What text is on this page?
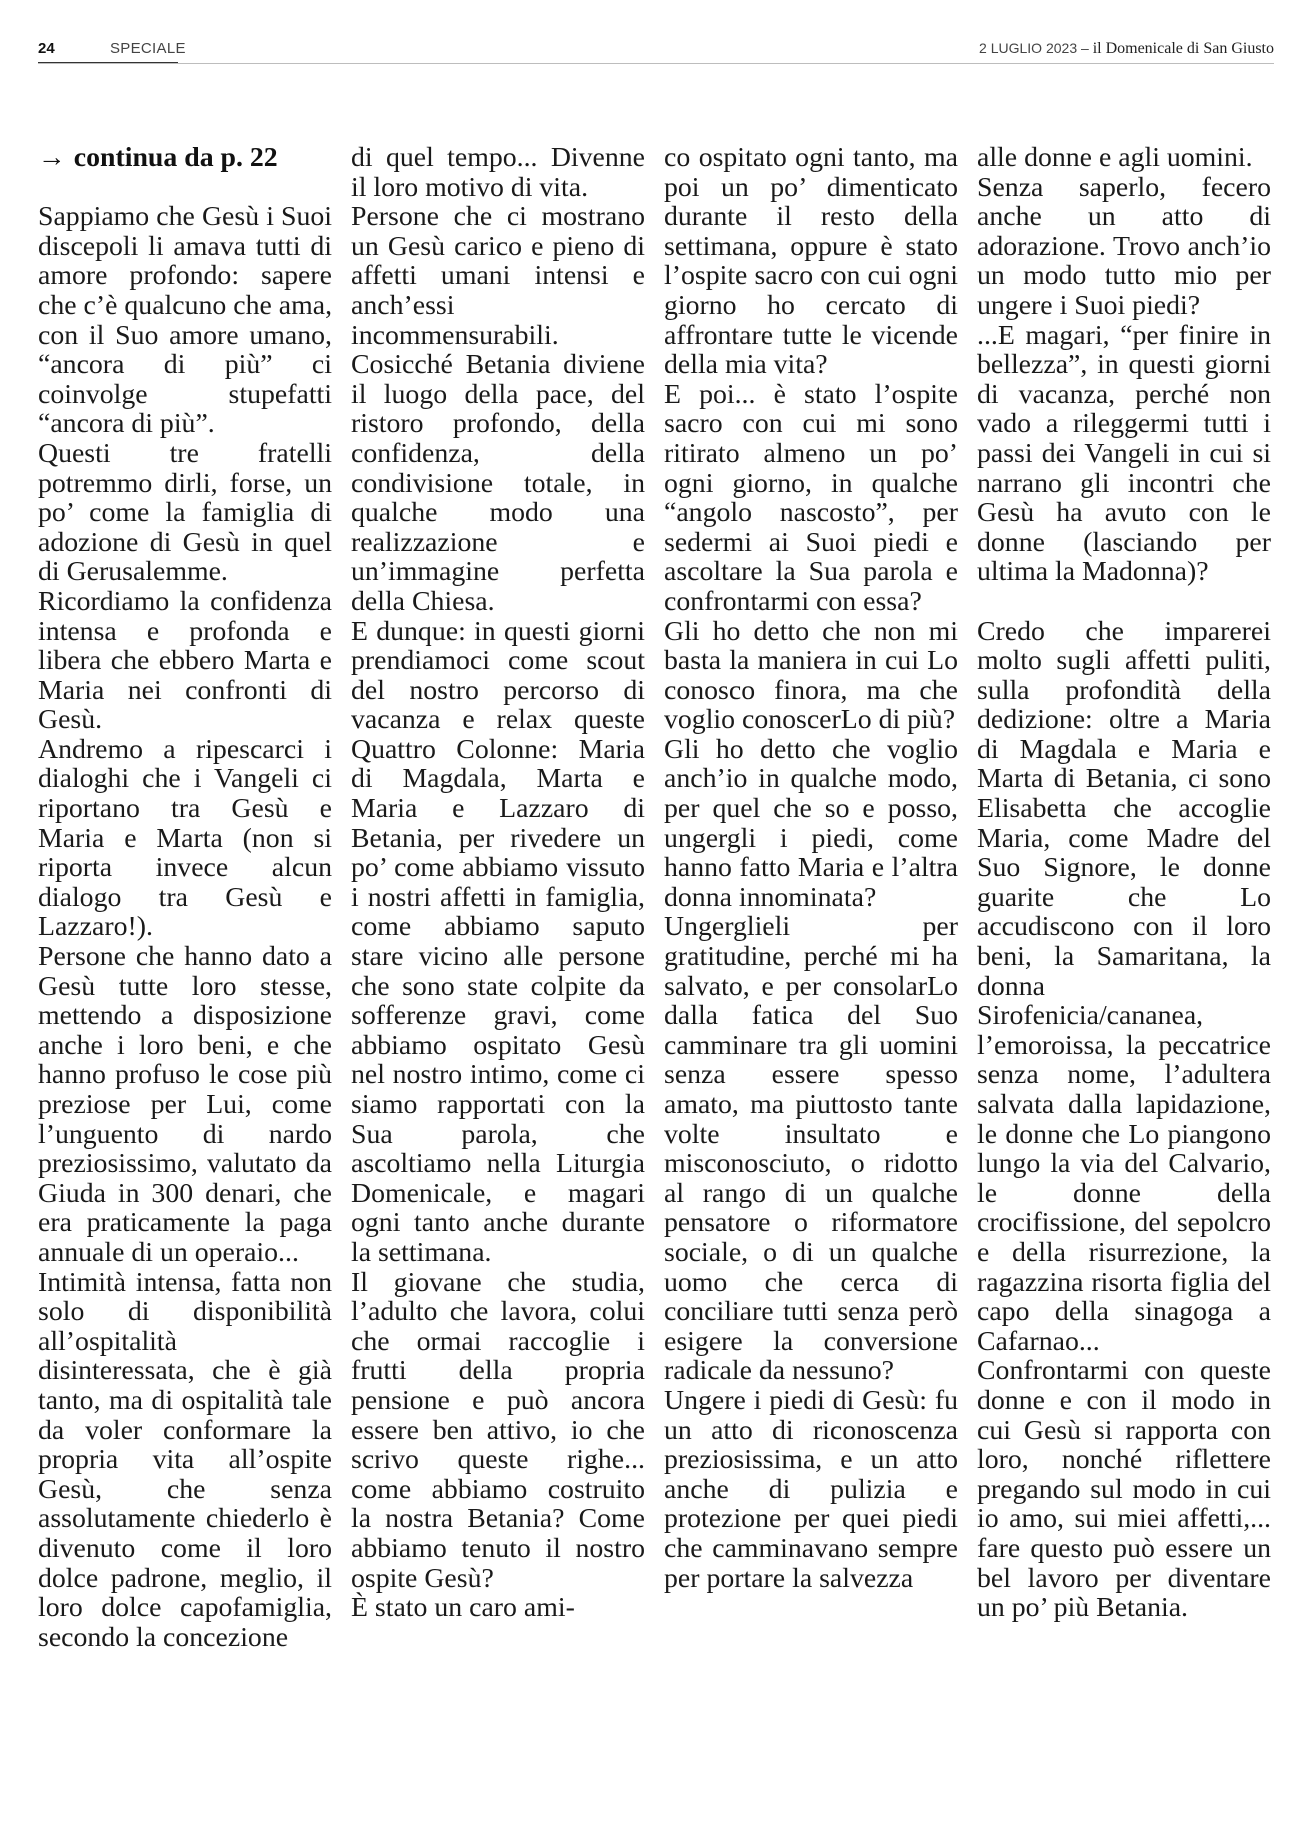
24	SPECIALE	2 LUGLIO 2023 – il Domenicale di San Giusto
→ continua da p. 22

Sappiamo che Gesù i Suoi discepoli li amava tutti di amore profondo: sapere che c’è qualcuno che ama, con il Suo amore umano, “ancora di più” ci coinvolge stupefatti “ancora di più”.

Questi tre fratelli potremmo dirli, forse, un po’ come la famiglia di adozione di Gesù in quel di Gerusalemme.

Ricordiamo la confidenza intensa e profonda e libera che ebbero Marta e Maria nei confronti di Gesù.

Andremo a ripescarci i dialoghi che i Vangeli ci riportano tra Gesù e Maria e Marta (non si riporta invece alcun dialogo tra Gesù e Lazzaro!).

Persone che hanno dato a Gesù tutte loro stesse, mettendo a disposizione anche i loro beni, e che hanno profuso le cose più preziose per Lui, come l’unguento di nardo preziosissimo, valutato da Giuda in 300 denari, che era praticamente la paga annuale di un operaio...

Intimità intensa, fatta non solo di disponibilità all’ospitalità disinteressata, che è già tanto, ma di ospitalità tale da voler conformare la propria vita all’ospite Gesù, che senza assolutamente chiederlo è divenuto come il loro dolce padrone, meglio, il loro dolce capofamiglia, secondo la concezione

di quel tempo... Divenne il loro motivo di vita.

Persone che ci mostrano un Gesù carico e pieno di affetti umani intensi e anch’essi incommensurabili.

Cosicché Betania diviene il luogo della pace, del ristoro profondo, della confidenza, della condivisione totale, in qualche modo una realizzazione e un’immagine perfetta della Chiesa.

E dunque: in questi giorni prendiamoci come scout del nostro percorso di vacanza e relax queste Quattro Colonne: Maria di Magdala, Marta e Maria e Lazzaro di Betania, per rivedere un po’ come abbiamo vissuto i nostri affetti in famiglia, come abbiamo saputo stare vicino alle persone che sono state colpite da sofferenze gravi, come abbiamo ospitato Gesù nel nostro intimo, come ci siamo rapportati con la Sua parola, che ascoltiamo nella Liturgia Domenicale, e magari ogni tanto anche durante la settimana.

Il giovane che studia, l’adulto che lavora, colui che ormai raccoglie i frutti della propria pensione e può ancora essere ben attivo, io che scrivo queste righe... come abbiamo costruito la nostra Betania? Come abbiamo tenuto il nostro ospite Gesù?

È stato un caro ami-

co ospitato ogni tanto, ma poi un po’ dimenticato durante il resto della settimana, oppure è stato l’ospite sacro con cui ogni giorno ho cercato di affrontare tutte le vicende della mia vita?

E poi... è stato l’ospite sacro con cui mi sono ritirato almeno un po’ ogni giorno, in qualche “angolo nascosto”, per sedermi ai Suoi piedi e ascoltare la Sua parola e confrontarmi con essa?

Gli ho detto che non mi basta la maniera in cui Lo conosco finora, ma che voglio conoscerLo di più?

Gli ho detto che voglio anch’io in qualche modo, per quel che so e posso, ungergli i piedi, come hanno fatto Maria e l’altra donna innominata?

Ungerglieli per gratitudine, perché mi ha salvato, e per consolarLo dalla fatica del Suo camminare tra gli uomini senza essere spesso amato, ma piuttosto tante volte insultato e misconosciuto, o ridotto al rango di un qualche pensatore o riformatore sociale, o di un qualche uomo che cerca di conciliare tutti senza però esigere la conversione radicale da nessuno?

Ungere i piedi di Gesù: fu un atto di riconoscenza preziosissima, e un atto anche di pulizia e protezione per quei piedi che camminavano sempre per portare la salvezza

alle donne e agli uomini.

Senza saperlo, fecero anche un atto di adorazione. Trovo anch’io un modo tutto mio per ungere i Suoi piedi?

...E magari, “per finire in bellezza”, in questi giorni di vacanza, perché non vado a rileggermi tutti i passi dei Vangeli in cui si narrano gli incontri che Gesù ha avuto con le donne (lasciando per ultima la Madonna)?

Credo che imparerei molto sugli affetti puliti, sulla profondità della dedizione: oltre a Maria di Magdala e Maria e Marta di Betania, ci sono Elisabetta che accoglie Maria, come Madre del Suo Signore, le donne guarite che Lo accudiscono con il loro beni, la Samaritana, la donna Sirofenicia/cananea, l’emoroissa, la peccatrice senza nome, l’adultera salvata dalla lapidazione, le donne che Lo piangono lungo la via del Calvario, le donne della crocifissione, del sepolcro e della risurrezione, la ragazzina risorta figlia del capo della sinagoga a Cafarnao...

Confrontarmi con queste donne e con il modo in cui Gesù si rapporta con loro, nonché riflettere pregando sul modo in cui io amo, sui miei affetti,... fare questo può essere un bel lavoro per diventare un po’ più Betania.
